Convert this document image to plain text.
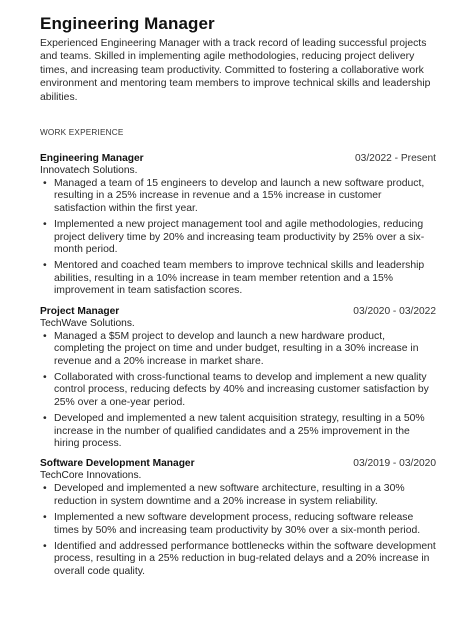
Engineering Manager

Experienced Engineering Manager with a track record of leading successful projects and teams. Skilled in implementing agile methodologies, reducing project delivery times, and increasing team productivity. Committed to fostering a collaborative work environment and mentoring team members to improve technical skills and leadership abilities.

WORK EXPERIENCE
Engineering Manager	03/2022 - Present
Innovatech Solutions.
• Managed a team of 15 engineers to develop and launch a new software product, resulting in a 25% increase in revenue and a 15% increase in customer satisfaction within the first year.
• Implemented a new project management tool and agile methodologies, reducing project delivery time by 20% and increasing team productivity by 25% over a six-month period.
• Mentored and coached team members to improve technical skills and leadership abilities, resulting in a 10% increase in team member retention and a 15% improvement in team satisfaction scores.
Project Manager	03/2020 - 03/2022
TechWave Solutions.
• Managed a $5M project to develop and launch a new hardware product, completing the project on time and under budget, resulting in a 30% increase in revenue and a 20% increase in market share.
• Collaborated with cross-functional teams to develop and implement a new quality control process, reducing defects by 40% and increasing customer satisfaction by 25% over a one-year period.
• Developed and implemented a new talent acquisition strategy, resulting in a 50% increase in the number of qualified candidates and a 25% improvement in the hiring process.
Software Development Manager	03/2019 - 03/2020
TechCore Innovations.
• Developed and implemented a new software architecture, resulting in a 30% reduction in system downtime and a 20% increase in system reliability.
• Implemented a new software development process, reducing software release times by 50% and increasing team productivity by 30% over a six-month period.
• Identified and addressed performance bottlenecks within the software development process, resulting in a 25% reduction in bug-related delays and a 20% increase in overall code quality.
